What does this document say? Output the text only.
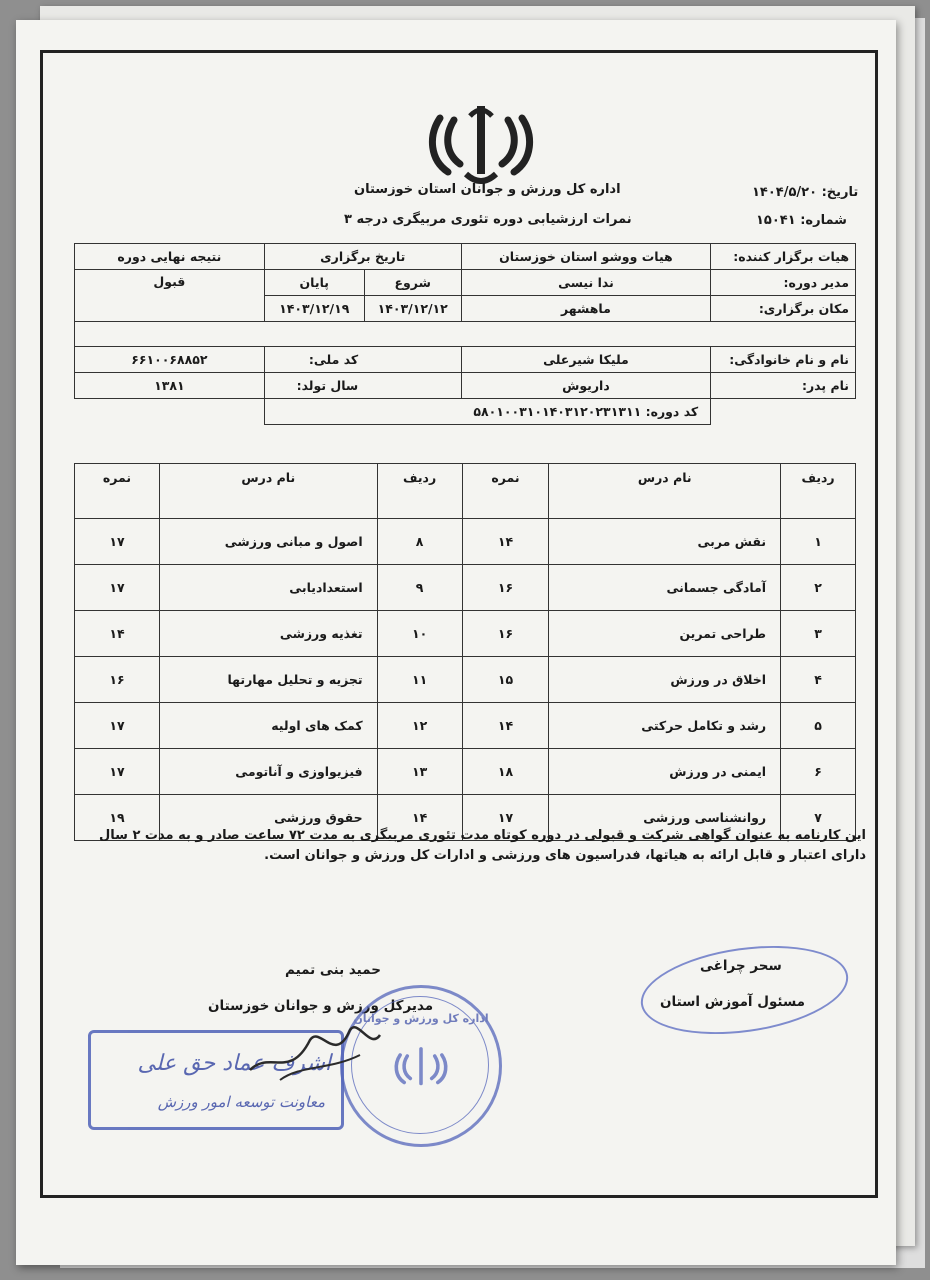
اداره کل ورزش و جوانان استان خوزستان
نمرات ارزشیابی دوره تئوری مربیگری درجه ۳
تاریخ: ۱۴۰۴/۵/۲۰
شماره: ۱۵۰۴۱
هیات برگزار کننده:	هیات ووشو استان خوزستان	تاریخ برگزاری		نتیجه نهایی دوره
مدیر دوره:	ندا نیسی	شروع	پایان	قبول
مکان برگزاری:	ماهشهر	۱۴۰۳/۱۲/۱۲	۱۴۰۳/۱۲/۱۹	

نام و نام خانوادگی:	ملیکا شیرعلی		کد ملی:	۶۶۱۰۰۶۸۸۵۲
نام پدر:	داریوش		سال تولد:	۱۳۸۱
	کد دوره: ۵۸۰۱۰۰۳۱۰۱۴۰۳۱۲۰۲۳۱۳۱۱			
ردیف	نام درس	نمره	ردیف	نام درس	نمره
۱	نقش مربی	۱۴	۸	اصول و مبانی ورزشی	۱۷
۲	آمادگی جسمانی	۱۶	۹	استعدادیابی	۱۷
۳	طراحی تمرین	۱۶	۱۰	تغذیه ورزشی	۱۴
۴	اخلاق در ورزش	۱۵	۱۱	تجزیه و تحلیل مهارتها	۱۶
۵	رشد و تکامل حرکتی	۱۴	۱۲	کمک های اولیه	۱۷
۶	ایمنی در ورزش	۱۸	۱۳	فیزیواوزی و آناتومی	۱۷
۷	روانشناسی ورزشی	۱۷	۱۴	حقوق ورزشی	۱۹
این کارنامه به عنوان گواهی شرکت و قبولی در دوره کوتاه مدت تئوری مربیگری به مدت ۷۲ ساعت صادر و به مدت ۲ سال دارای اعتبار و قابل ارائه به هیاتها، فدراسیون های ورزشی و ادارات کل ورزش و جوانان است.
حمید بنی تمیم
مدیرکل ورزش و جوانان خوزستان
سحر چراغی
مسئول آموزش استان
اشرف عماد حق علی
معاونت توسعه امور ورزش
اداره کل ورزش و جوانان
